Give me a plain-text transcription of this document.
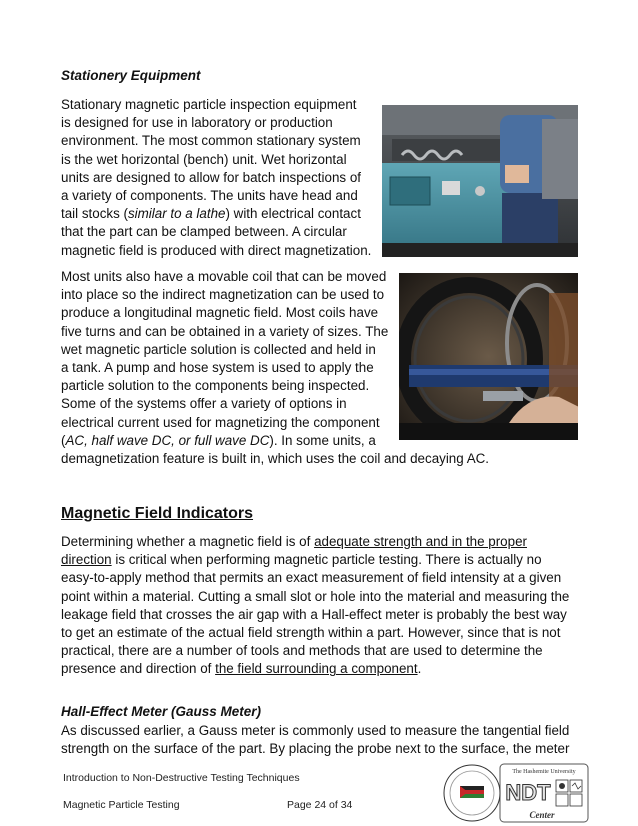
Stationery Equipment

Stationary magnetic particle inspection equipment
is designed for use in laboratory or production
environment. The most common stationary system
is the wet horizontal (bench) unit. Wet horizontal
units are designed to allow for batch inspections of
a variety of components. The units have head and
tail stocks (similar to a lathe) with electrical contact
that the part can be clamped between. A circular
magnetic field is produced with direct magnetization.

Most units also have a movable coil that can be moved
into place so the indirect magnetization can be used to
produce a longitudinal magnetic field. Most coils have
five turns and can be obtained in a variety of sizes. The
wet magnetic particle solution is collected and held in
a tank. A pump and hose system is used to apply the
particle solution to the components being inspected.
Some of the systems offer a variety of options in
electrical current used for magnetizing the component
(AC, half wave DC, or full wave DC). In some units, a
demagnetization feature is built in, which uses the coil and decaying AC.

Magnetic Field Indicators

Determining whether a magnetic field is of adequate strength and in the proper
direction is critical when performing magnetic particle testing. There is actually no
easy-to-apply method that permits an exact measurement of field intensity at a given
point within a material. Cutting a small slot or hole into the material and measuring the
leakage field that crosses the air gap with a Hall-effect meter is probably the best way
to get an estimate of the actual field strength within a part. However, since that is not
practical, there are a number of tools and methods that are used to determine the
presence and direction of the field surrounding a component.

Hall-Effect Meter (Gauss Meter)

As discussed earlier, a Gauss meter is commonly used to measure the tangential field
strength on the surface of the part. By placing the probe next to the surface, the meter

Introduction to Non-Destructive Testing Techniques
Magnetic Particle Testing	Page 24 of 34
The Hashemite University
NDT
Center
